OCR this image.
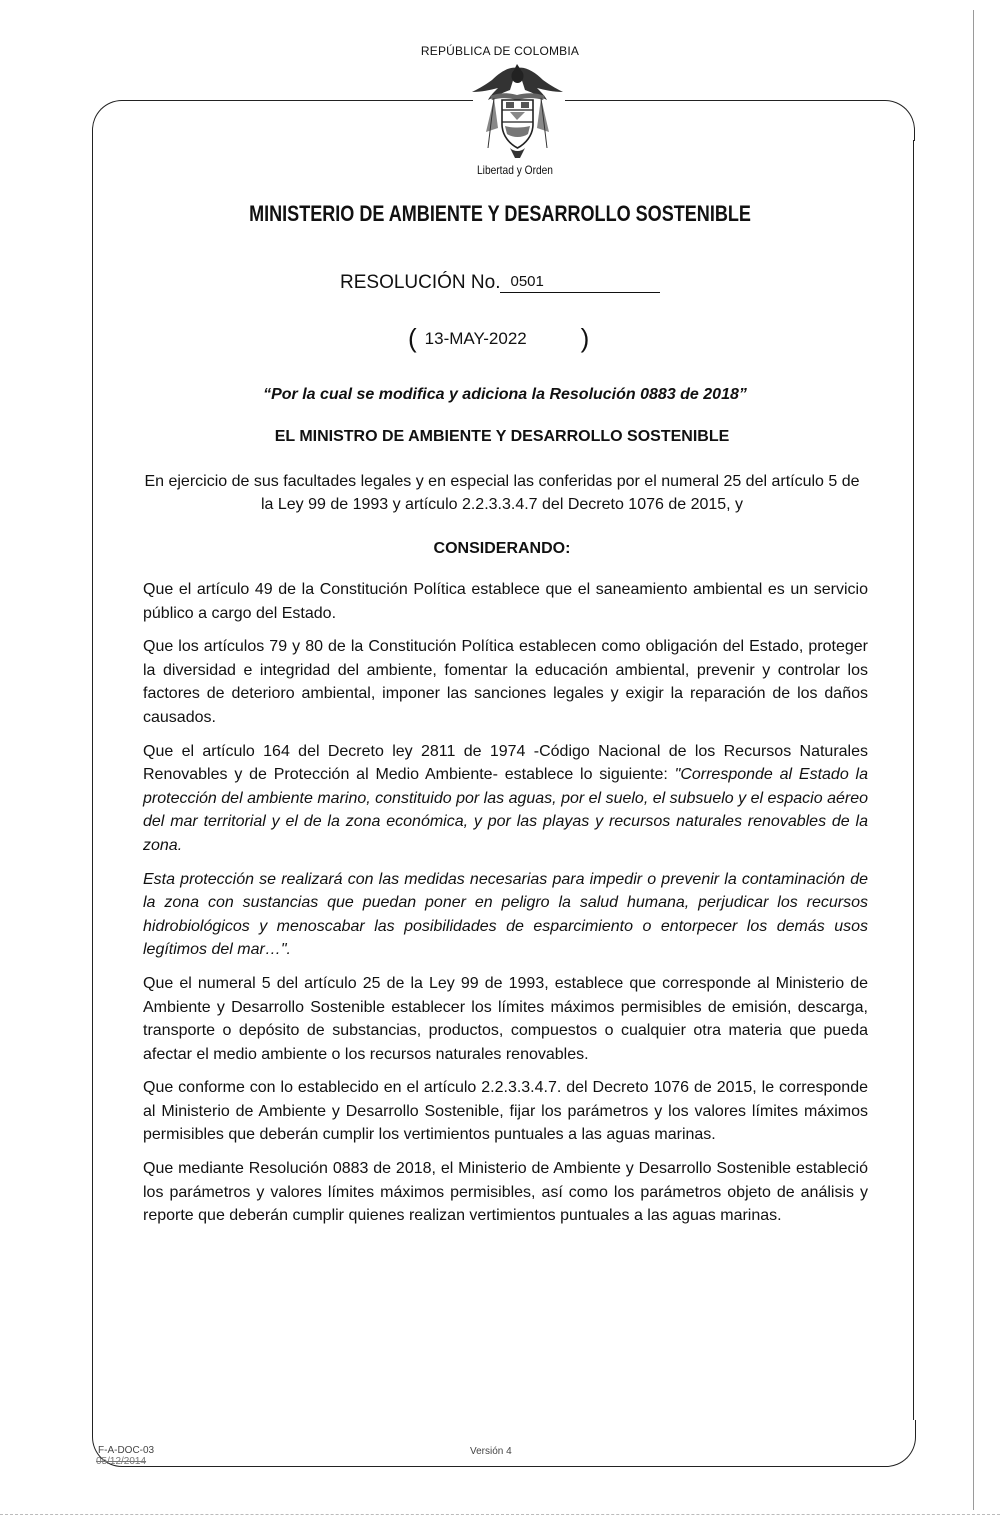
REPÚBLICA DE COLOMBIA
Libertad y Orden
MINISTERIO DE AMBIENTE Y DESARROLLO SOSTENIBLE
RESOLUCIÓN No. 0501
( 13-MAY-2022 )
“Por la cual se modifica y adiciona la Resolución 0883 de 2018”
EL MINISTRO DE AMBIENTE Y DESARROLLO SOSTENIBLE
En ejercicio de sus facultades legales y en especial las conferidas por el numeral 25 del artículo 5 de la Ley 99 de 1993 y artículo 2.2.3.3.4.7 del Decreto 1076 de 2015, y
CONSIDERANDO:

Que el artículo 49 de la Constitución Política establece que el saneamiento ambiental es un servicio público a cargo del Estado.

Que los artículos 79 y 80 de la Constitución Política establecen como obligación del Estado, proteger la diversidad e integridad del ambiente, fomentar la educación ambiental, prevenir y controlar los factores de deterioro ambiental, imponer las sanciones legales y exigir la reparación de los daños causados.

Que el artículo 164 del Decreto ley 2811 de 1974 -Código Nacional de los Recursos Naturales Renovables y de Protección al Medio Ambiente- establece lo siguiente: "Corresponde al Estado la protección del ambiente marino, constituido por las aguas, por el suelo, el subsuelo y el espacio aéreo del mar territorial y el de la zona económica, y por las playas y recursos naturales renovables de la zona.

Esta protección se realizará con las medidas necesarias para impedir o prevenir la contaminación de la zona con sustancias que puedan poner en peligro la salud humana, perjudicar los recursos hidrobiológicos y menoscabar las posibilidades de esparcimiento o entorpecer los demás usos legítimos del mar…".

Que el numeral 5 del artículo 25 de la Ley 99 de 1993, establece que corresponde al Ministerio de Ambiente y Desarrollo Sostenible establecer los límites máximos permisibles de emisión, descarga, transporte o depósito de substancias, productos, compuestos o cualquier otra materia que pueda afectar el medio ambiente o los recursos naturales renovables.

Que conforme con lo establecido en el artículo 2.2.3.3.4.7. del Decreto 1076 de 2015, le corresponde al Ministerio de Ambiente y Desarrollo Sostenible, fijar los parámetros y los valores límites máximos permisibles que deberán cumplir los vertimientos puntuales a las aguas marinas.

Que mediante Resolución 0883 de 2018, el Ministerio de Ambiente y Desarrollo Sostenible estableció los parámetros y valores límites máximos permisibles, así como los parámetros objeto de análisis y reporte que deberán cumplir quienes realizan vertimientos puntuales a las aguas marinas.

F-A-DOC-03
05/12/2014
Versión 4
